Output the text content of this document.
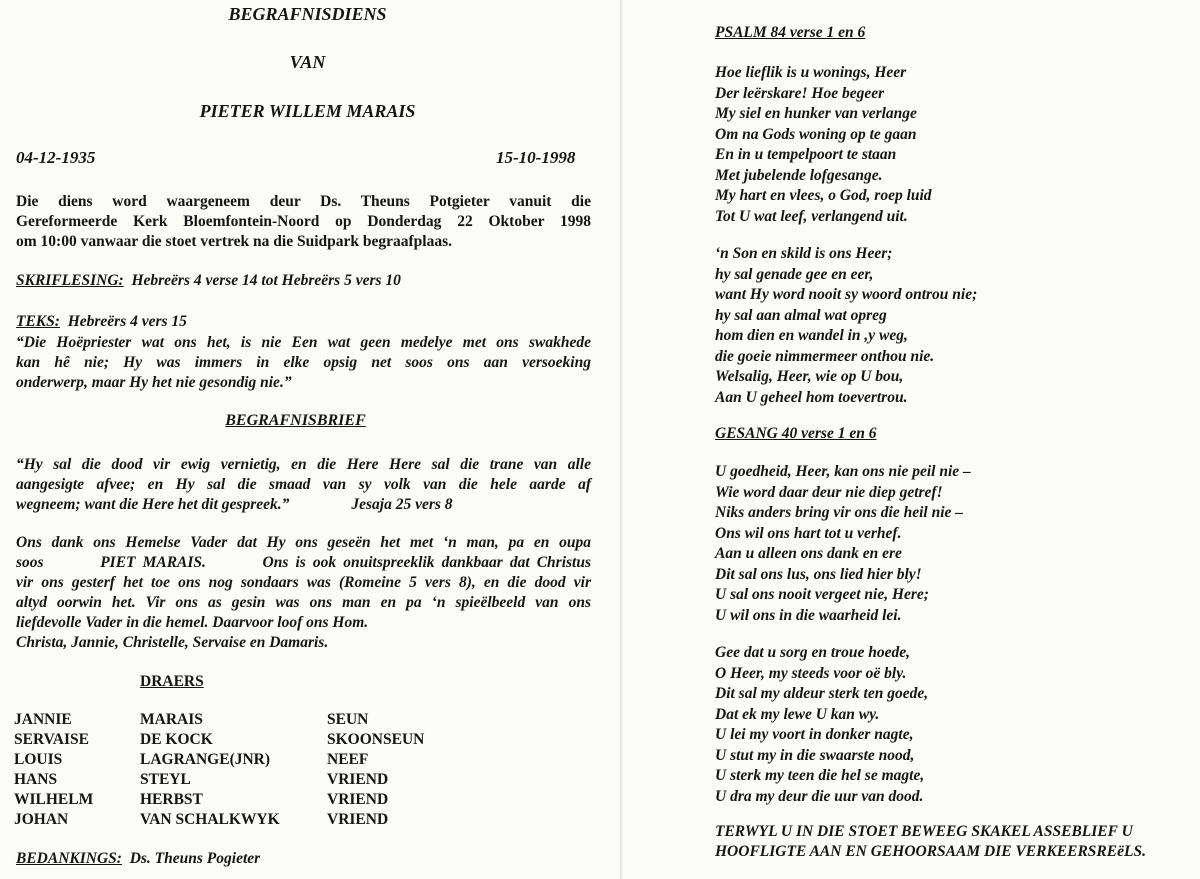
BEGRAFNISDIENS
VAN
PIETER WILLEM MARAIS
04-12-1935	15-10-1998

Die diens word waargeneem deur Ds. Theuns Potgieter vanuit die

Gereformeerde Kerk Bloemfontein-Noord op Donderdag 22 Oktober 1998

om 10:00 vanwaar die stoet vertrek na die Suidpark begraafplaas.

SKRIFLESING: Hebreërs 4 verse 14 tot Hebreërs 5 vers 10
TEKS: Hebreërs 4 vers 15

“Die Hoëpriester wat ons het, is nie Een wat geen medelye met ons swakhede

kan hê nie; Hy was immers in elke opsig net soos ons aan versoeking

onderwerp, maar Hy het nie gesondig nie.”

BEGRAFNISBRIEF

“Hy sal die dood vir ewig vernietig, en die Here Here sal die trane van alle

aangesigte afvee; en Hy sal die smaad van sy volk van die hele aarde af

wegneem; want die Here het dit gespreek.”	Jesaja 25 vers 8

Ons dank ons Hemelse Vader dat Hy ons geseën het met ‘n man, pa en oupa

soos        PIET MARAIS.        Ons is ook onuitspreeklik dankbaar dat Christus

vir ons gesterf het toe ons nog sondaars was (Romeine 5 vers 8), en die dood vir

altyd oorwin het. Vir ons as gesin was ons man en pa ‘n spieëlbeeld van ons

liefdevolle Vader in die hemel. Daarvoor loof ons Hom.

Christa, Jannie, Christelle, Servaise en Damaris.

DRAERS
JANNIE	MARAIS	SEUN
SERVAISE	DE KOCK	SKOONSEUN
LOUIS	LAGRANGE(JNR)	NEEF
HANS	STEYL	VRIEND
WILHELM	HERBST	VRIEND
JOHAN	VAN SCHALKWYK	VRIEND
BEDANKINGS: Ds. Theuns Pogieter
PSALM 84 verse 1 en 6
Hoe lieflik is u wonings, Heer
Der leërskare! Hoe begeer
My siel en hunker van verlange
Om na Gods woning op te gaan
En in u tempelpoort te staan
Met jubelende lofgesange.
My hart en vlees, o God, roep luid
Tot U wat leef, verlangend uit.
‘n Son en skild is ons Heer;
hy sal genade gee en eer,
want Hy word nooit sy woord ontrou nie;
hy sal aan almal wat opreg
hom dien en wandel in ,y weg,
die goeie nimmermeer onthou nie.
Welsalig, Heer, wie op U bou,
Aan U geheel hom toevertrou.
GESANG 40 verse 1 en 6
U goedheid, Heer, kan ons nie peil nie –
Wie word daar deur nie diep getref!
Niks anders bring vir ons die heil nie –
Ons wil ons hart tot u verhef.
Aan u alleen ons dank en ere
Dit sal ons lus, ons lied hier bly!
U sal ons nooit vergeet nie, Here;
U wil ons in die waarheid lei.
Gee dat u sorg en troue hoede,
O Heer, my steeds voor oë bly.
Dit sal my aldeur sterk ten goede,
Dat ek my lewe U kan wy.
U lei my voort in donker nagte,
U stut my in die swaarste nood,
U sterk my teen die hel se magte,
U dra my deur die uur van dood.
TERWYL U IN DIE STOET BEWEEG SKAKEL ASSEBLIEF U
HOOFLIGTE AAN EN GEHOORSAAM DIE VERKEERSREëLS.
